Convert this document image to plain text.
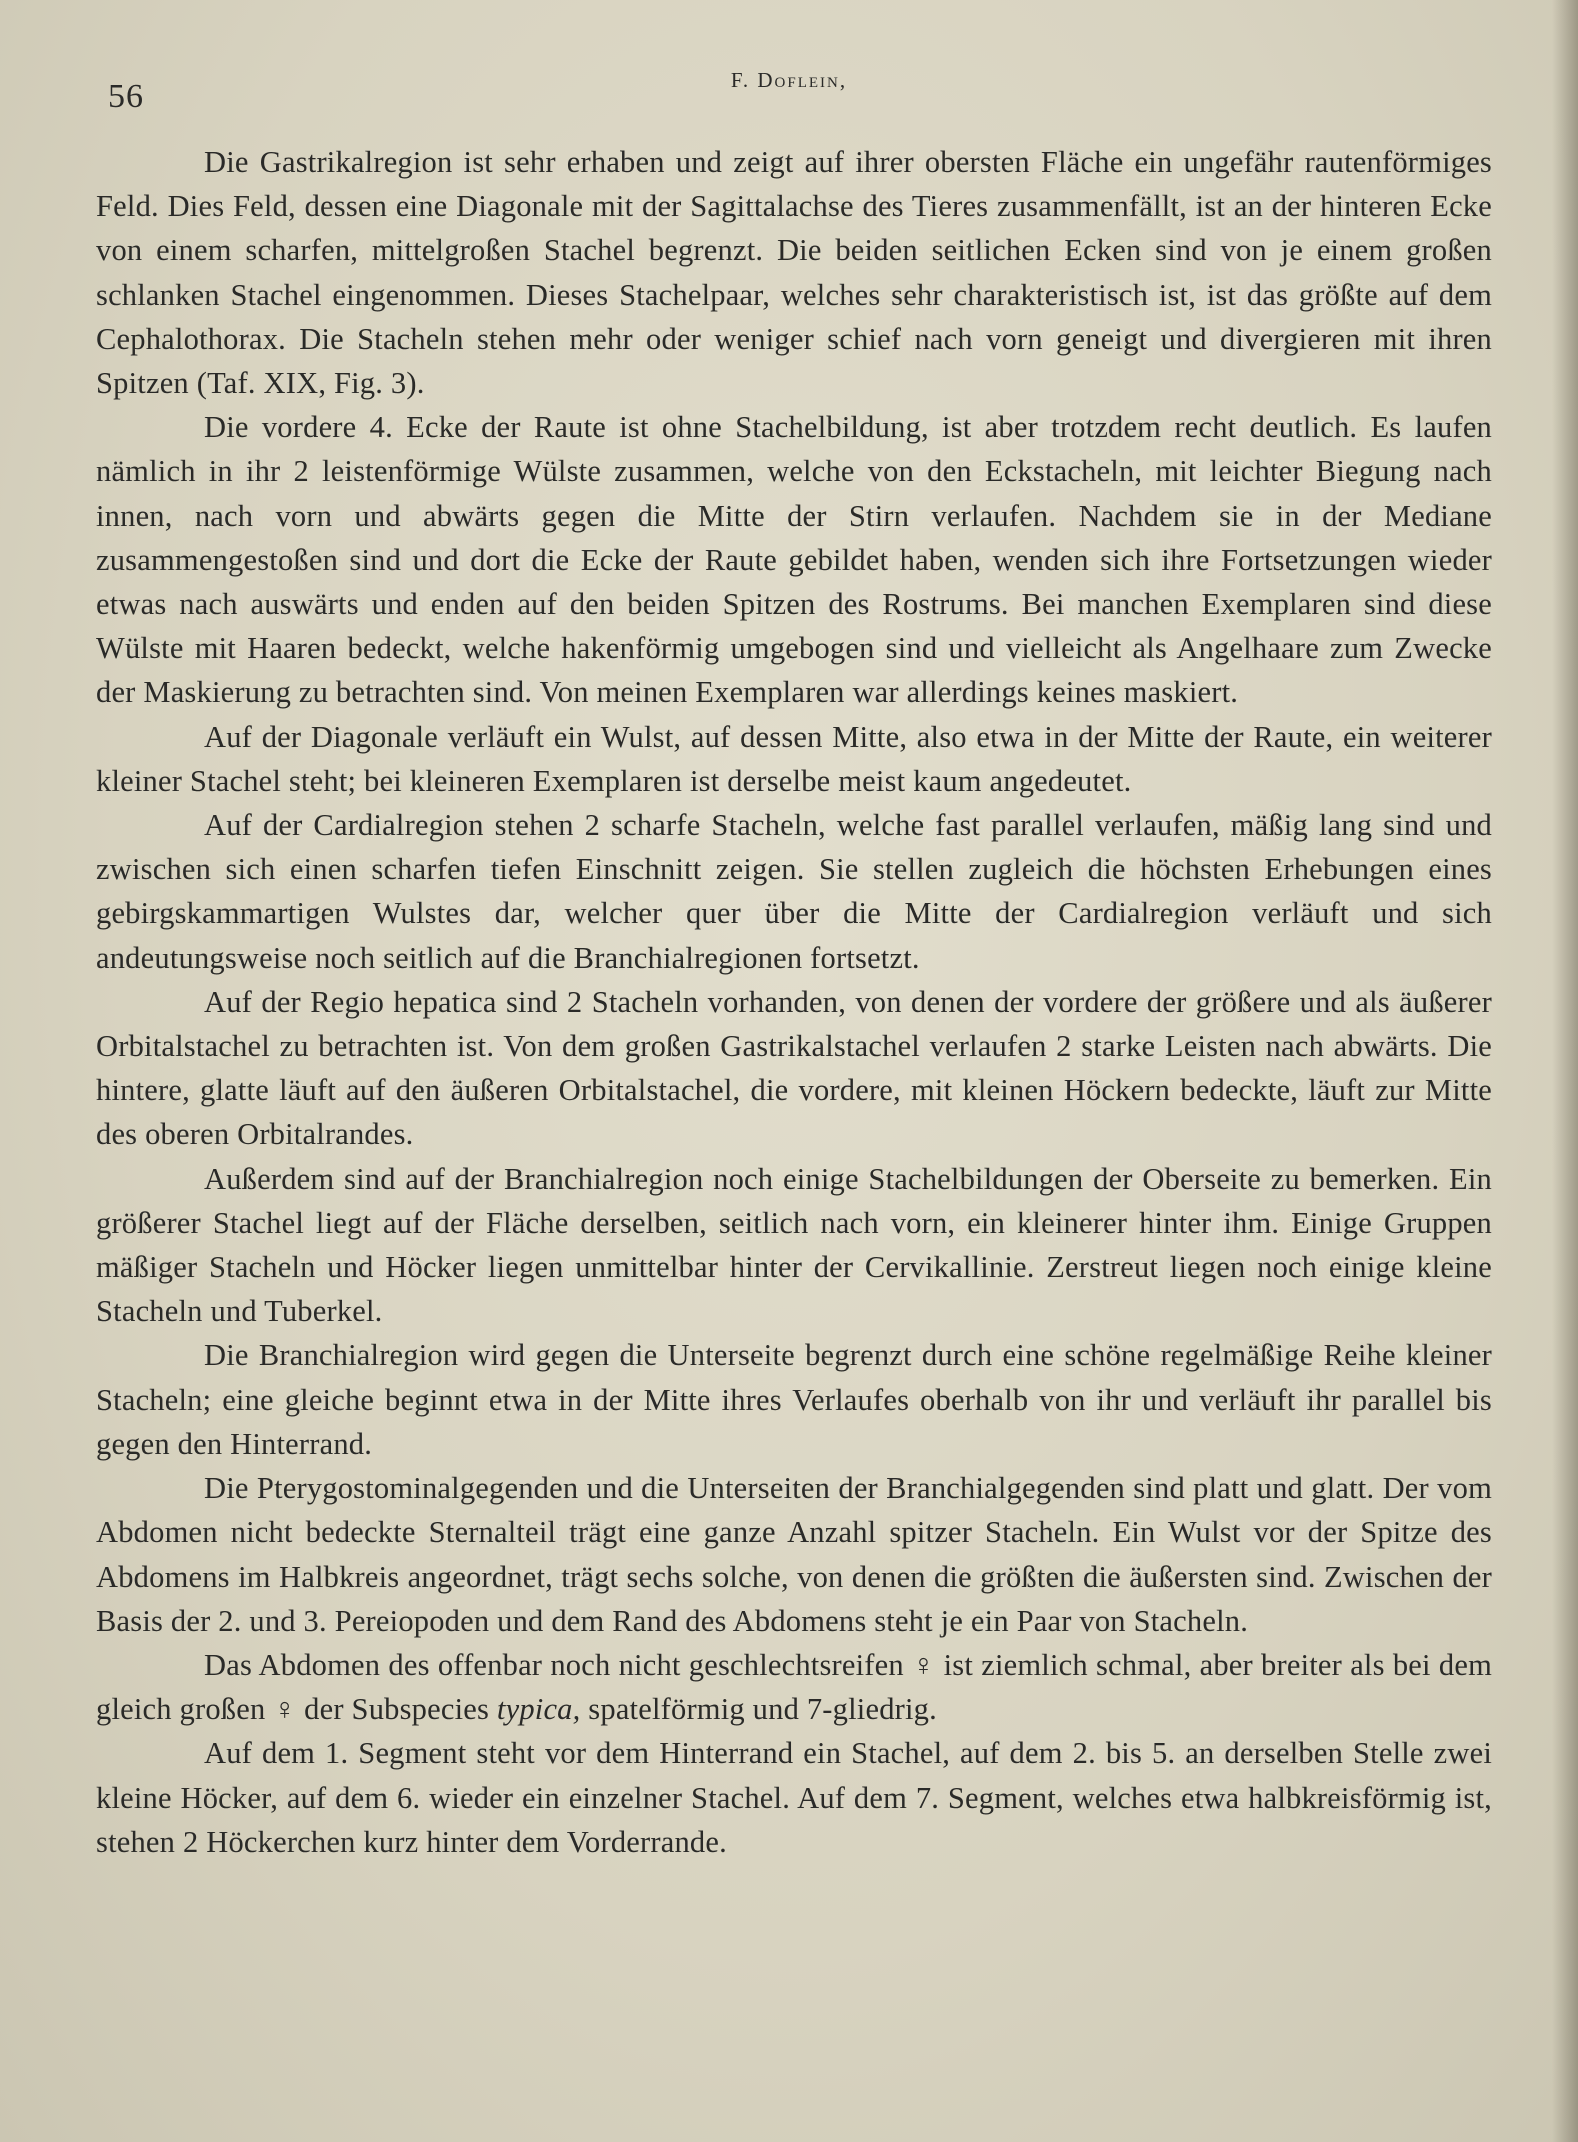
56	F. Doflein,

Die Gastrikalregion ist sehr erhaben und zeigt auf ihrer obersten Fläche ein ungefähr rautenförmiges Feld. Dies Feld, dessen eine Diagonale mit der Sagittalachse des Tieres zusammenfällt, ist an der hinteren Ecke von einem scharfen, mittelgroßen Stachel begrenzt. Die beiden seitlichen Ecken sind von je einem großen schlanken Stachel eingenommen. Dieses Stachelpaar, welches sehr charakteristisch ist, ist das größte auf dem Cephalothorax. Die Stacheln stehen mehr oder weniger schief nach vorn geneigt und divergieren mit ihren Spitzen (Taf. XIX, Fig. 3).

Die vordere 4. Ecke der Raute ist ohne Stachelbildung, ist aber trotzdem recht deutlich. Es laufen nämlich in ihr 2 leistenförmige Wülste zusammen, welche von den Eckstacheln, mit leichter Biegung nach innen, nach vorn und abwärts gegen die Mitte der Stirn verlaufen. Nachdem sie in der Mediane zusammengestoßen sind und dort die Ecke der Raute gebildet haben, wenden sich ihre Fortsetzungen wieder etwas nach auswärts und enden auf den beiden Spitzen des Rostrums. Bei manchen Exemplaren sind diese Wülste mit Haaren bedeckt, welche hakenförmig umgebogen sind und vielleicht als Angelhaare zum Zwecke der Maskierung zu betrachten sind. Von meinen Exemplaren war allerdings keines maskiert.

Auf der Diagonale verläuft ein Wulst, auf dessen Mitte, also etwa in der Mitte der Raute, ein weiterer kleiner Stachel steht; bei kleineren Exemplaren ist derselbe meist kaum angedeutet.

Auf der Cardialregion stehen 2 scharfe Stacheln, welche fast parallel verlaufen, mäßig lang sind und zwischen sich einen scharfen tiefen Einschnitt zeigen. Sie stellen zugleich die höchsten Erhebungen eines gebirgskammartigen Wulstes dar, welcher quer über die Mitte der Cardialregion verläuft und sich andeutungsweise noch seitlich auf die Branchialregionen fortsetzt.

Auf der Regio hepatica sind 2 Stacheln vorhanden, von denen der vordere der größere und als äußerer Orbitalstachel zu betrachten ist. Von dem großen Gastrikalstachel verlaufen 2 starke Leisten nach abwärts. Die hintere, glatte läuft auf den äußeren Orbitalstachel, die vordere, mit kleinen Höckern bedeckte, läuft zur Mitte des oberen Orbitalrandes.

Außerdem sind auf der Branchialregion noch einige Stachelbildungen der Oberseite zu bemerken. Ein größerer Stachel liegt auf der Fläche derselben, seitlich nach vorn, ein kleinerer hinter ihm. Einige Gruppen mäßiger Stacheln und Höcker liegen unmittelbar hinter der Cervikallinie. Zerstreut liegen noch einige kleine Stacheln und Tuberkel.

Die Branchialregion wird gegen die Unterseite begrenzt durch eine schöne regelmäßige Reihe kleiner Stacheln; eine gleiche beginnt etwa in der Mitte ihres Verlaufes oberhalb von ihr und verläuft ihr parallel bis gegen den Hinterrand.

Die Pterygostominalgegenden und die Unterseiten der Branchialgegenden sind platt und glatt. Der vom Abdomen nicht bedeckte Sternalteil trägt eine ganze Anzahl spitzer Stacheln. Ein Wulst vor der Spitze des Abdomens im Halbkreis angeordnet, trägt sechs solche, von denen die größten die äußersten sind. Zwischen der Basis der 2. und 3. Pereiopoden und dem Rand des Abdomens steht je ein Paar von Stacheln.

Das Abdomen des offenbar noch nicht geschlechtsreifen ♀ ist ziemlich schmal, aber breiter als bei dem gleich großen ♀ der Subspecies typica, spatelförmig und 7-gliedrig.

Auf dem 1. Segment steht vor dem Hinterrand ein Stachel, auf dem 2. bis 5. an derselben Stelle zwei kleine Höcker, auf dem 6. wieder ein einzelner Stachel. Auf dem 7. Segment, welches etwa halbkreisförmig ist, stehen 2 Höckerchen kurz hinter dem Vorderrande.
